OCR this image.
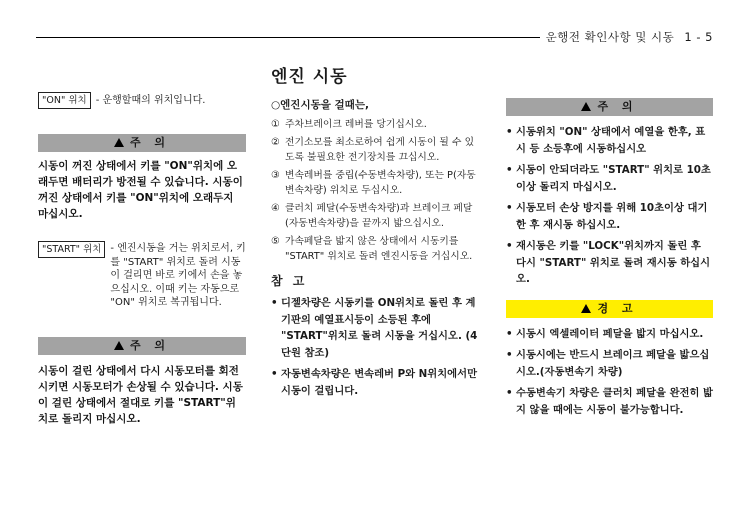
운행전 확인사항 및 시동 1 - 5
"ON" 위치 - 운행할때의 위치입니다.
주 의
시동이 꺼진 상태에서 키를 "ON"위치에 오래두면 배터리가 방전될 수 있습니다. 시동이 꺼진 상태에서 키를 "ON"위치에 오래두지 마십시오.
"START" 위치 - 엔진시동을 거는 위치로서, 키를 "START" 위치로 돌려 시동이 걸리면 바로 키에서 손을 놓으십시오. 이때 키는 자동으로 "ON" 위치로 복귀됩니다.
주 의
시동이 걸린 상태에서 다시 시동모터를 회전시키면 시동모터가 손상될 수 있습니다. 시동이 걸린 상태에서 절대로 키를 "START"위치로 돌리지 마십시오.
엔진 시동
○엔진시동을 걸때는,
① 주차브레이크 레버를 당기십시오.
② 전기소모를 최소로하여 쉽게 시동이 될 수 있도록 불필요한 전기장치를 끄십시오.
③ 변속레버를 중립(수동변속차량), 또는 P(자동변속차량) 위치로 두십시오.
④ 클러치 페달(수동변속차량)과 브레이크 페달(자동변속차량)을 끝까지 밟으십시오.
⑤ 가속페달을 밟지 않은 상태에서 시동키를 "START" 위치로 돌려 엔진시동을 거십시오.
참 고
• 디젤차량은 시동키를 ON위치로 돌린 후 계기판의 예열표시등이 소등된 후에 "START"위치로 돌려 시동을 거십시오. (4단원 참조)
• 자동변속차량은 변속레버 P와 N위치에서만 시동이 걸립니다.
주 의
• 시동위치 "ON" 상태에서 예열을 한후, 표시 등 소등후에 시동하십시오
• 시동이 안되더라도 "START" 위치로 10초 이상 돌리지 마십시오.
• 시동모터 손상 방지를 위해 10초이상 대기한 후 재시동 하십시오.
• 재시동은 키를 "LOCK"위치까지 돌린 후 다시 "START" 위치로 돌려 재시동 하십시오.
경 고
• 시동시 엑셀레이터 페달을 밟지 마십시오.
• 시동시에는 반드시 브레이크 페달을 밟으십시오.(자동변속기 차량)
• 수동변속기 차량은 클러치 페달을 완전히 밟지 않을 때에는 시동이 불가능합니다.
